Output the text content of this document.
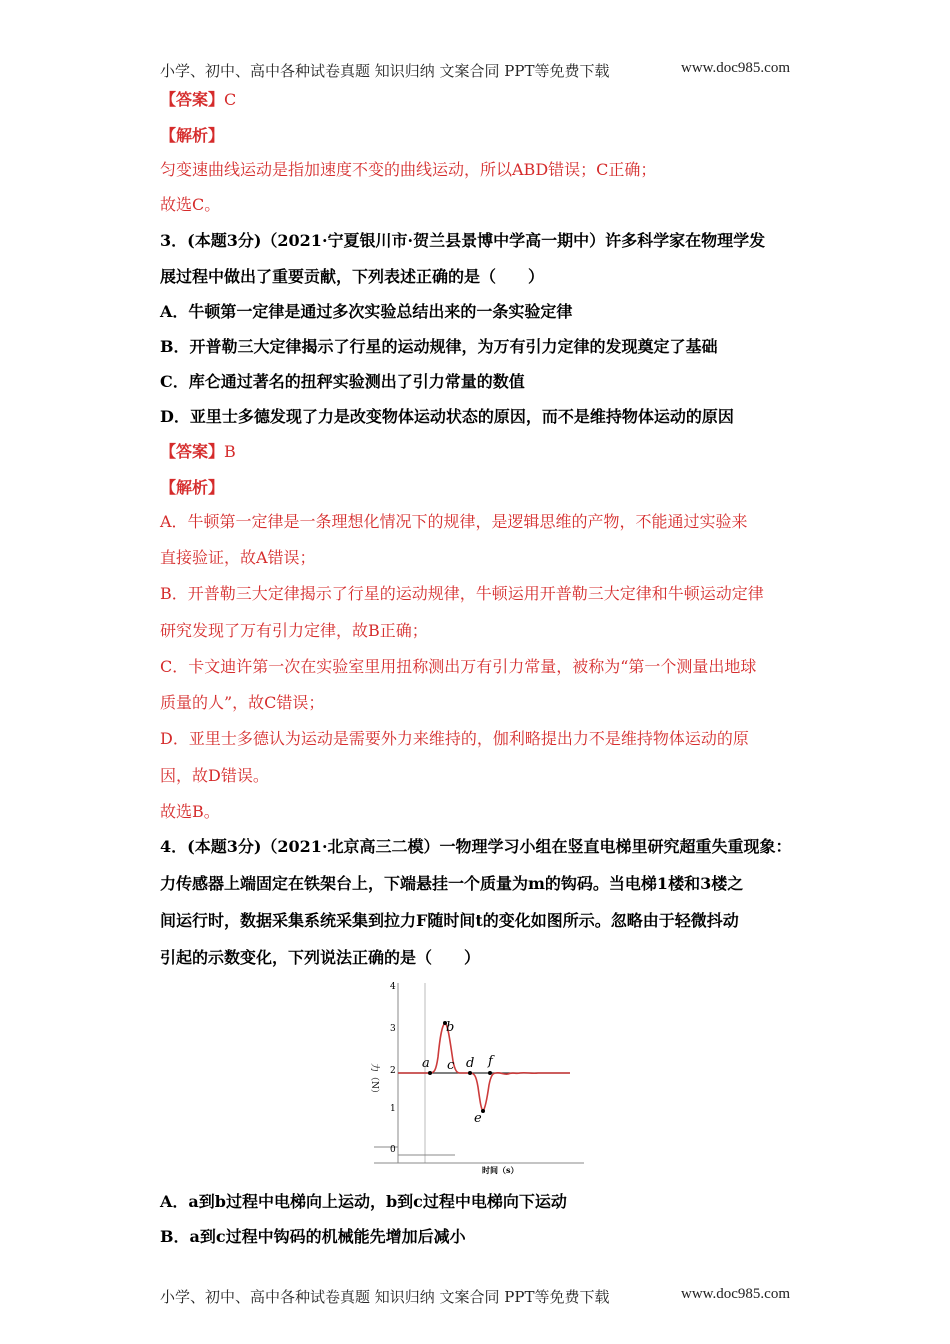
小学、初中、高中各种试卷真题 知识归纳 文案合同 PPT等免费下载	www.doc985.com
【答案】C
【解析】
匀变速曲线运动是指加速度不变的曲线运动，所以ABD错误；C正确；
故选C。
3．(本题3分)（2021·宁夏银川市·贺兰县景博中学高一期中）许多科学家在物理学发
展过程中做出了重要贡献，下列表述正确的是（　　）
A．牛顿第一定律是通过多次实验总结出来的一条实验定律
B．开普勒三大定律揭示了行星的运动规律，为万有引力定律的发现奠定了基础
C．库仑通过著名的扭秤实验测出了引力常量的数值
D．亚里士多德发现了力是改变物体运动状态的原因，而不是维持物体运动的原因
【答案】B
【解析】
A．牛顿第一定律是一条理想化情况下的规律，是逻辑思维的产物，不能通过实验来
直接验证，故A错误；
B．开普勒三大定律揭示了行星的运动规律，牛顿运用开普勒三大定律和牛顿运动定律
研究发现了万有引力定律，故B正确；
C．卡文迪许第一次在实验室里用扭称测出万有引力常量，被称为“第一个测量出地球
质量的人”，故C错误；
D．亚里士多德认为运动是需要外力来维持的，伽利略提出力不是维持物体运动的原
因，故D错误。
故选B。
4．(本题3分)（2021·北京高三二模）一物理学习小组在竖直电梯里研究超重失重现象：
力传感器上端固定在铁架台上，下端悬挂一个质量为m的钩码。当电梯1楼和3楼之
间运行时，数据采集系统采集到拉力F随时间t的变化如图所示。忽略由于轻微抖动
引起的示数变化，下列说法正确的是（　　）
4
3
2
1
0
力（N）
时间（s）
a
b
c d
e
f
A．a到b过程中电梯向上运动，b到c过程中电梯向下运动
B．a到c过程中钩码的机械能先增加后减小
小学、初中、高中各种试卷真题 知识归纳 文案合同 PPT等免费下载	www.doc985.com
